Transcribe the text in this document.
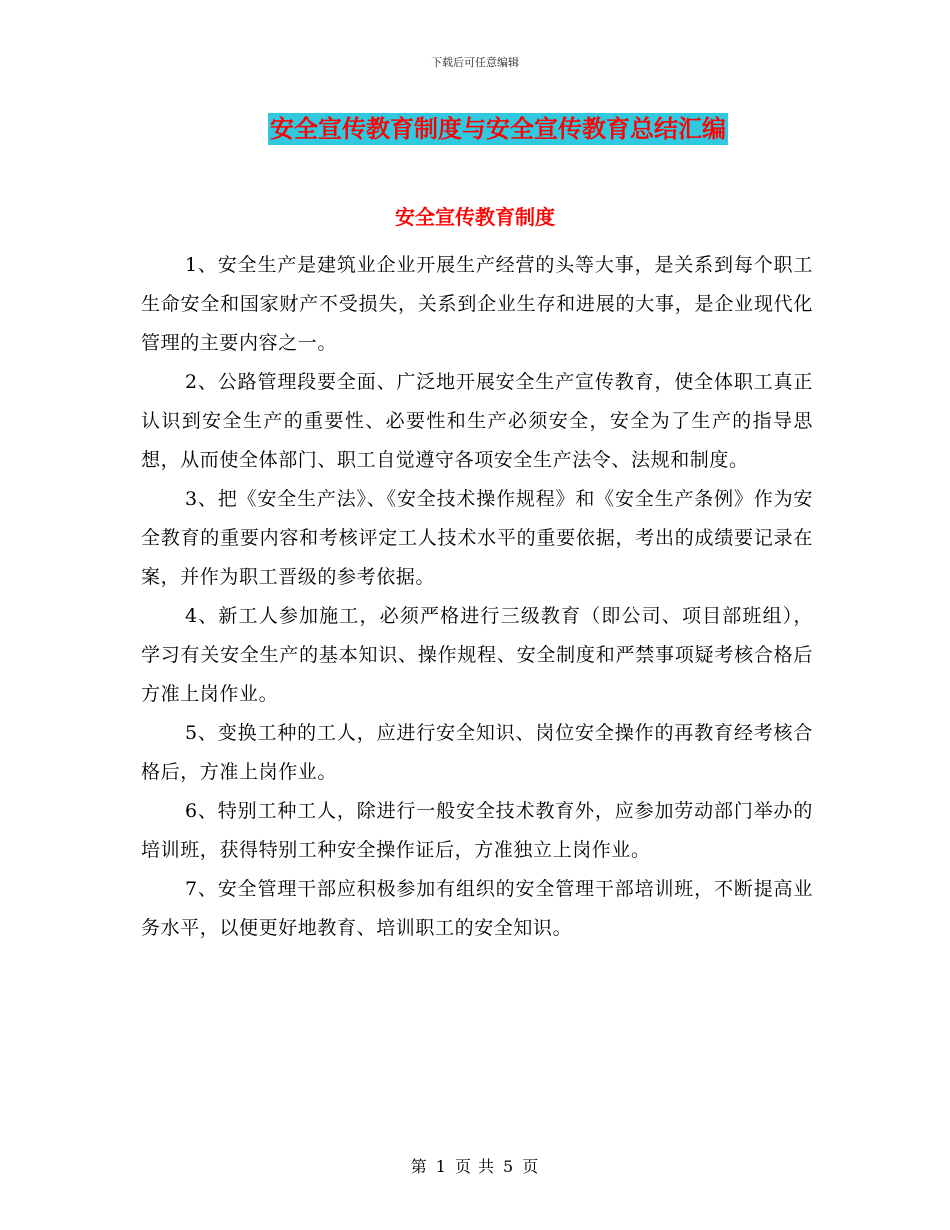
下载后可任意编辑
安全宣传教育制度与安全宣传教育总结汇编
安全宣传教育制度

1、安全生产是建筑业企业开展生产经营的头等大事，是关系到每个职工生命安全和国家财产不受损失，关系到企业生存和进展的大事，是企业现代化管理的主要内容之一。

2、公路管理段要全面、广泛地开展安全生产宣传教育，使全体职工真正认识到安全生产的重要性、必要性和生产必须安全，安全为了生产的指导思想，从而使全体部门、职工自觉遵守各项安全生产法令、法规和制度。

3、把《安全生产法》、《安全技术操作规程》和《安全生产条例》作为安全教育的重要内容和考核评定工人技术水平的重要依据，考出的成绩要记录在案，并作为职工晋级的参考依据。

4、新工人参加施工，必须严格进行三级教育（即公司、项目部班组），学习有关安全生产的基本知识、操作规程、安全制度和严禁事项疑考核合格后方准上岗作业。

5、变换工种的工人，应进行安全知识、岗位安全操作的再教育经考核合格后，方准上岗作业。

6、特别工种工人，除进行一般安全技术教育外，应参加劳动部门举办的培训班，获得特别工种安全操作证后，方准独立上岗作业。

7、安全管理干部应积极参加有组织的安全管理干部培训班，不断提高业务水平，以便更好地教育、培训职工的安全知识。

第 1 页 共 5 页
